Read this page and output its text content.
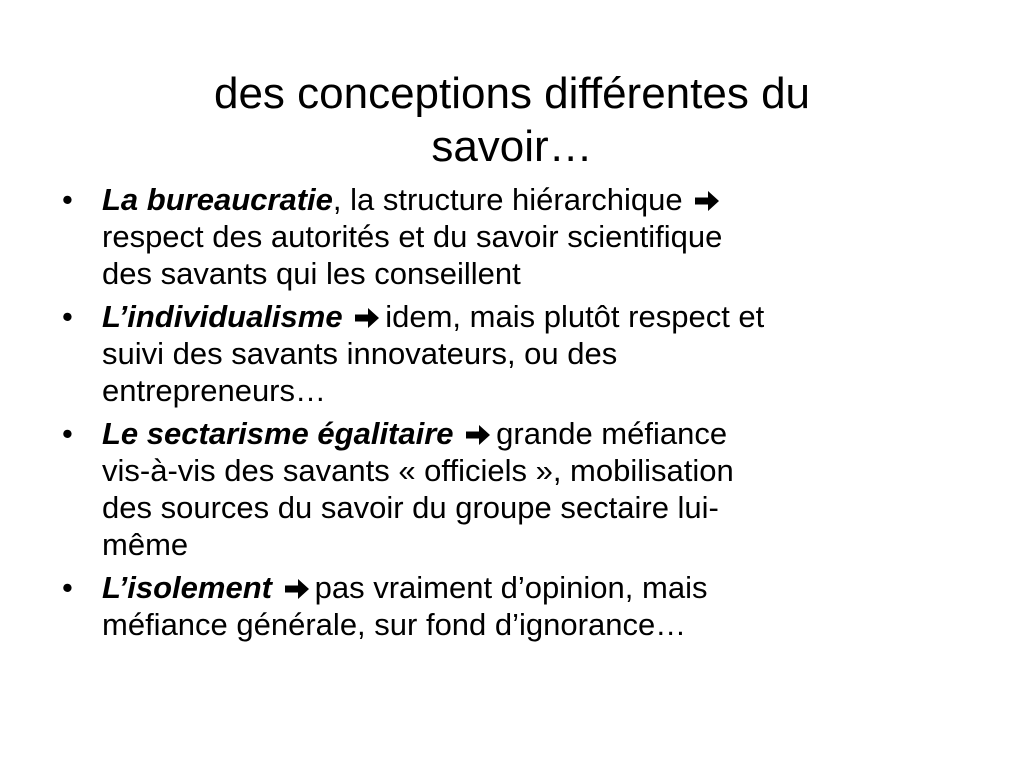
des conceptions différentes du
savoir…
• La bureaucratie, la structure hiérarchique
respect des autorités et du savoir scientifique
des savants qui les conseillent
• L’individualisme idem, mais plutôt respect et
suivi des savants innovateurs, ou des
entrepreneurs…
• Le sectarisme égalitaire grande méfiance
vis-à-vis des savants « officiels », mobilisation
des sources du savoir du groupe sectaire lui-
même
• L’isolement pas vraiment d’opinion, mais
méfiance générale, sur fond d’ignorance…
